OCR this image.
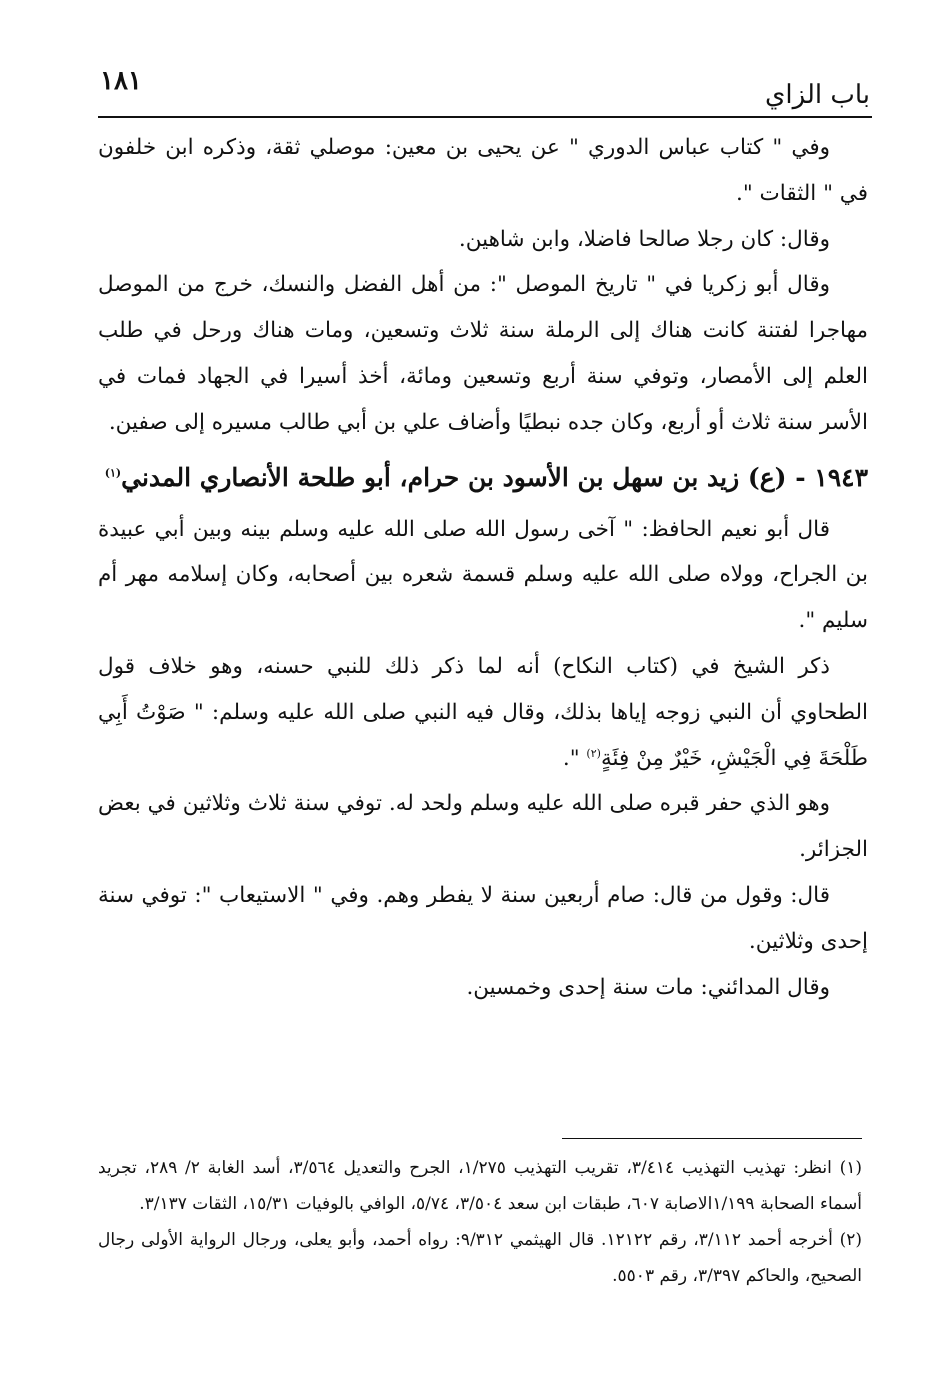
باب الزاي
١٨١

وفي " كتاب عباس الدوري " عن يحيى بن معين: موصلي ثقة، وذكره ابن خلفون في " الثقات ".

وقال: كان رجلا صالحا فاضلا، وابن شاهين.

وقال أبو زكريا في " تاريخ الموصل ": من أهل الفضل والنسك، خرج من الموصل مهاجرا لفتنة كانت هناك إلى الرملة سنة ثلاث وتسعين، ومات هناك ورحل في طلب العلم إلى الأمصار، وتوفي سنة أربع وتسعين ومائة، أخذ أسيرا في الجهاد فمات في الأسر سنة ثلاث أو أربع، وكان جده نبطيًا وأضاف علي بن أبي طالب مسيره إلى صفين.

١٩٤٣ - (ع) زيد بن سهل بن الأسود بن حرام، أبو طلحة الأنصاري المدني$^{(١)}$

قال أبو نعيم الحافظ: " آخى رسول الله صلى الله عليه وسلم بينه وبين أبي عبيدة بن الجراح، وولاه صلى الله عليه وسلم قسمة شعره بين أصحابه، وكان إسلامه مهر أم سليم ".

ذكر الشيخ في (كتاب النكاح) أنه لما ذكر ذلك للنبي حسنه، وهو خلاف قول الطحاوي أن النبي زوجه إياها بذلك، وقال فيه النبي صلى الله عليه وسلم: " صَوْتُ أَبِي طَلْحَةَ فِي الْجَيْشِ، خَيْرٌ مِنْ فِئَةٍ$^{(٢)}$ ".

وهو الذي حفر قبره صلى الله عليه وسلم ولحد له. توفي سنة ثلاث وثلاثين في بعض الجزائر.

قال: وقول من قال: صام أربعين سنة لا يفطر وهم. وفي " الاستيعاب ": توفي سنة إحدى وثلاثين.

وقال المدائني: مات سنة إحدى وخمسين.

(١) انظر: تهذيب التهذيب ٣/٤١٤، تقريب التهذيب ١/٢٧٥، الجرح والتعديل ٣/٥٦٤، أسد الغابة ٢/ ٢٨٩، تجريد أسماء الصحابة ١/١٩٩الاصابة ٦٠٧، طبقات ابن سعد ٣/٥٠٤، ٥/٧٤، الوافي بالوفيات ١٥/٣١، الثقات ٣/١٣٧.

(٢) أخرجه أحمد ٣/١١٢، رقم ١٢١٢٢. قال الهيثمي ٩/٣١٢: رواه أحمد، وأبو يعلى، ورجال الرواية الأولى رجال الصحيح، والحاكم ٣/٣٩٧، رقم ٥٥٠٣.
